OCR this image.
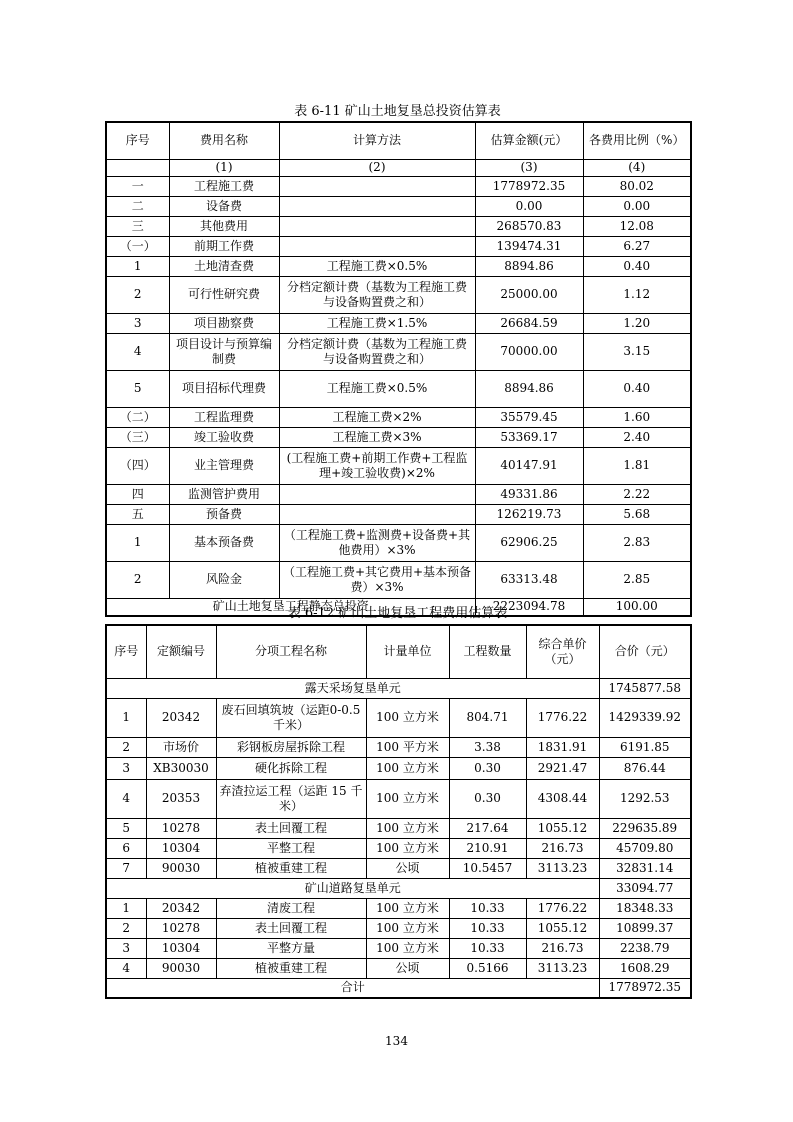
表 6-11 矿山土地复垦总投资估算表
序号	费用名称	计算方法	估算金额(元）	各费用比例（%）
	(1)	(2)	(3)	(4)
一	工程施工费		1778972.35	80.02
二	设备费		0.00	0.00
三	其他费用		268570.83	12.08
（一）	前期工作费		139474.31	6.27
1	土地清查费	工程施工费×0.5%	8894.86	0.40
2	可行性研究费	分档定额计费（基数为工程施工费与设备购置费之和）	25000.00	1.12
3	项目勘察费	工程施工费×1.5%	26684.59	1.20
4	项目设计与预算编制费	分档定额计费（基数为工程施工费与设备购置费之和）	70000.00	3.15
5	项目招标代理费	工程施工费×0.5%	8894.86	0.40
（二）	工程监理费	工程施工费×2%	35579.45	1.60
（三）	竣工验收费	工程施工费×3%	53369.17	2.40
（四）	业主管理费	(工程施工费+前期工作费+工程监理+竣工验收费)×2%	40147.91	1.81
四	监测管护费用		49331.86	2.22
五	预备费		126219.73	5.68
1	基本预备费	（工程施工费+监测费+设备费+其他费用）×3%	62906.25	2.83
2	风险金	（工程施工费+其它费用+基本预备费）×3%	63313.48	2.85
矿山土地复垦工程静态总投资			2223094.78	100.00
表 6-12 矿山土地复垦工程费用估算表
序号	定额编号	分项工程名称	计量单位	工程数量	综合单价（元）	合价（元）
露天采场复垦单元						1745877.58
1	20342	废石回填筑坡（运距0-0.5 千米）	100 立方米	804.71	1776.22	1429339.92
2	市场价	彩钢板房屋拆除工程	100 平方米	3.38	1831.91	6191.85
3	XB30030	硬化拆除工程	100 立方米	0.30	2921.47	876.44
4	20353	弃渣拉运工程（运距 15 千米）	100 立方米	0.30	4308.44	1292.53
5	10278	表土回覆工程	100 立方米	217.64	1055.12	229635.89
6	10304	平整工程	100 立方米	210.91	216.73	45709.80
7	90030	植被重建工程	公顷	10.5457	3113.23	32831.14
矿山道路复垦单元						33094.77
1	20342	清废工程	100 立方米	10.33	1776.22	18348.33
2	10278	表土回覆工程	100 立方米	10.33	1055.12	10899.37
3	10304	平整方量	100 立方米	10.33	216.73	2238.79
4	90030	植被重建工程	公顷	0.5166	3113.23	1608.29
合计						1778972.35
134
